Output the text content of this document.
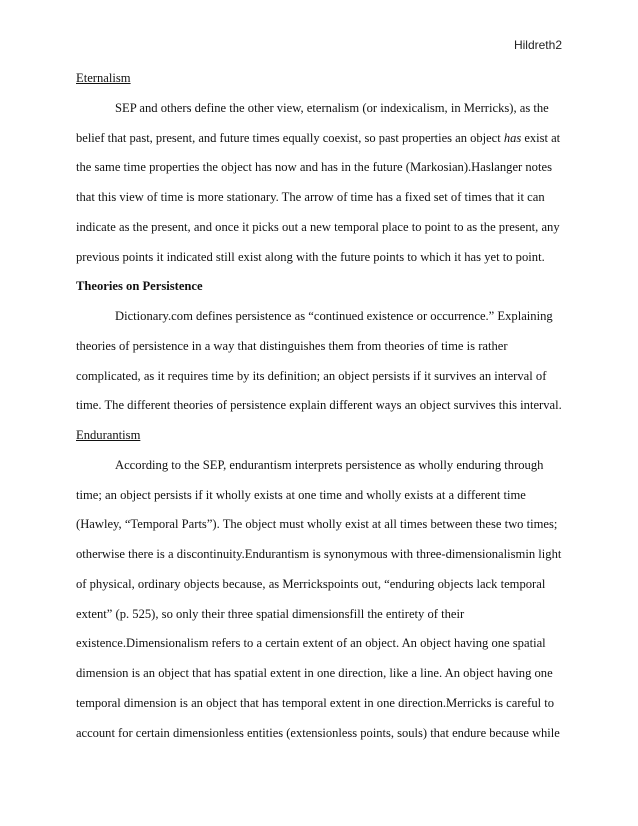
Hildreth2
Eternalism
SEP and others define the other view, eternalism (or indexicalism, in Merricks), as the
belief that past, present, and future times equally coexist, so past properties an object has exist at
the same time properties the object has now and has in the future (Markosian).Haslanger notes
that this view of time is more stationary. The arrow of time has a fixed set of times that it can
indicate as the present, and once it picks out a new temporal place to point to as the present, any
previous points it indicated still exist along with the future points to which it has yet to point.
Theories on Persistence
Dictionary.com defines persistence as “continued existence or occurrence.” Explaining
theories of persistence in a way that distinguishes them from theories of time is rather
complicated, as it requires time by its definition; an object persists if it survives an interval of
time. The different theories of persistence explain different ways an object survives this interval.
Endurantism
According to the SEP, endurantism interprets persistence as wholly enduring through
time; an object persists if it wholly exists at one time and wholly exists at a different time
(Hawley, “Temporal Parts”). The object must wholly exist at all times between these two times;
otherwise there is a discontinuity.Endurantism is synonymous with three-dimensionalismin light
of physical, ordinary objects because, as Merrickspoints out, “enduring objects lack temporal
extent” (p. 525), so only their three spatial dimensionsfill the entirety of their
existence.Dimensionalism refers to a certain extent of an object. An object having one spatial
dimension is an object that has spatial extent in one direction, like a line. An object having one
temporal dimension is an object that has temporal extent in one direction.Merricks is careful to
account for certain dimensionless entities (extensionless points, souls) that endure because while
